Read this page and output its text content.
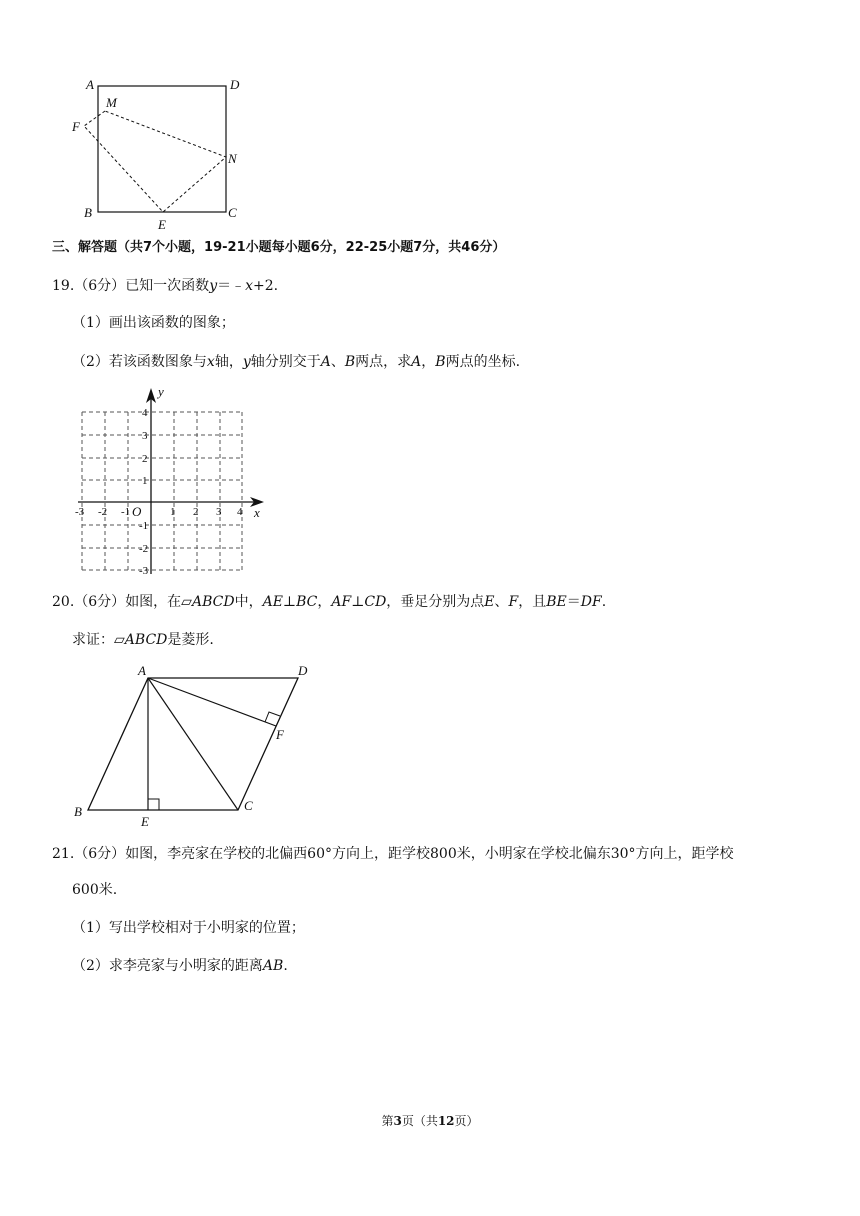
A	D
M
F
N
B
E
C
三、解答题（共7个小题，19-21小题每小题6分，22-25小题7分，共46分）
19.（6分）已知一次函数y＝﹣x+2.
（1）画出该函数的图象；
（2）若该函数图象与x轴，y轴分别交于A、B两点，求A，B两点的坐标.
y
x
O
-3 -2 -1	1 2 3 4
4
3
2
1
-1
-2
-3
20.（6分）如图，在▱ABCD中，AE⊥BC，AF⊥CD，垂足分别为点E、F，且BE＝DF.
求证：▱ABCD是菱形.
A	D
F
B
E
C
21.（6分）如图，李亮家在学校的北偏西60°方向上，距学校800米，小明家在学校北偏东30°方向上，距学校
600米.
（1）写出学校相对于小明家的位置；
（2）求李亮家与小明家的距离AB.
第3页（共12页）
